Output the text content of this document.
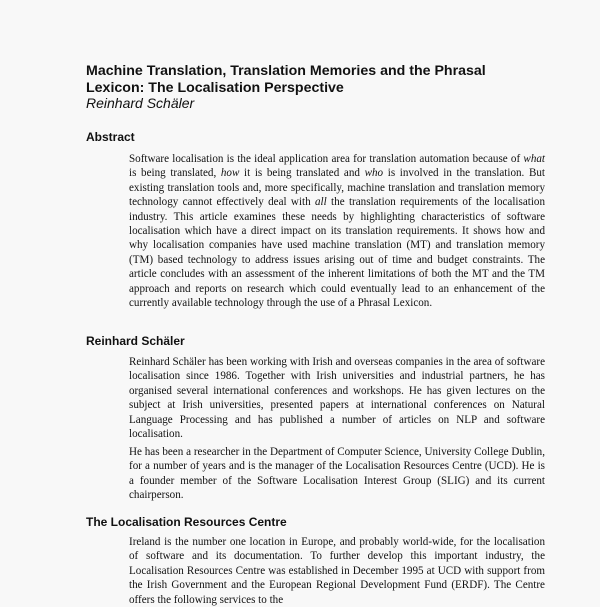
Machine Translation, Translation Memories and the Phrasal
Lexicon: The Localisation Perspective

Reinhard Schäler

Abstract

Software localisation is the ideal application area for translation automation because of what is being translated, how it is being translated and who is involved in the translation. But existing translation tools and, more specifically, machine translation and translation memory technology cannot effectively deal with all the translation requirements of the localisation industry. This article examines these needs by highlighting characteristics of software localisation which have a direct impact on its translation requirements. It shows how and why localisation companies have used machine translation (MT) and translation memory (TM) based technology to address issues arising out of time and budget constraints. The article concludes with an assessment of the inherent limitations of both the MT and the TM approach and reports on research which could eventually lead to an enhancement of the currently available technology through the use of a Phrasal Lexicon.

Reinhard Schäler

Reinhard Schäler has been working with Irish and overseas companies in the area of software localisation since 1986. Together with Irish universities and industrial partners, he has organised several international conferences and workshops. He has given lectures on the subject at Irish universities, presented papers at international conferences on Natural Language Processing and has published a number of articles on NLP and software localisation.

He has been a researcher in the Department of Computer Science, University College Dublin, for a number of years and is the manager of the Localisation Resources Centre (UCD). He is a founder member of the Software Localisation Interest Group (SLIG) and its current chairperson.

The Localisation Resources Centre

Ireland is the number one location in Europe, and probably world-wide, for the localisation of software and its documentation. To further develop this important industry, the Localisation Resources Centre was established in December 1995 at UCD with support from the Irish Government and the European Regional Development Fund (ERDF). The Centre offers the following services to the
